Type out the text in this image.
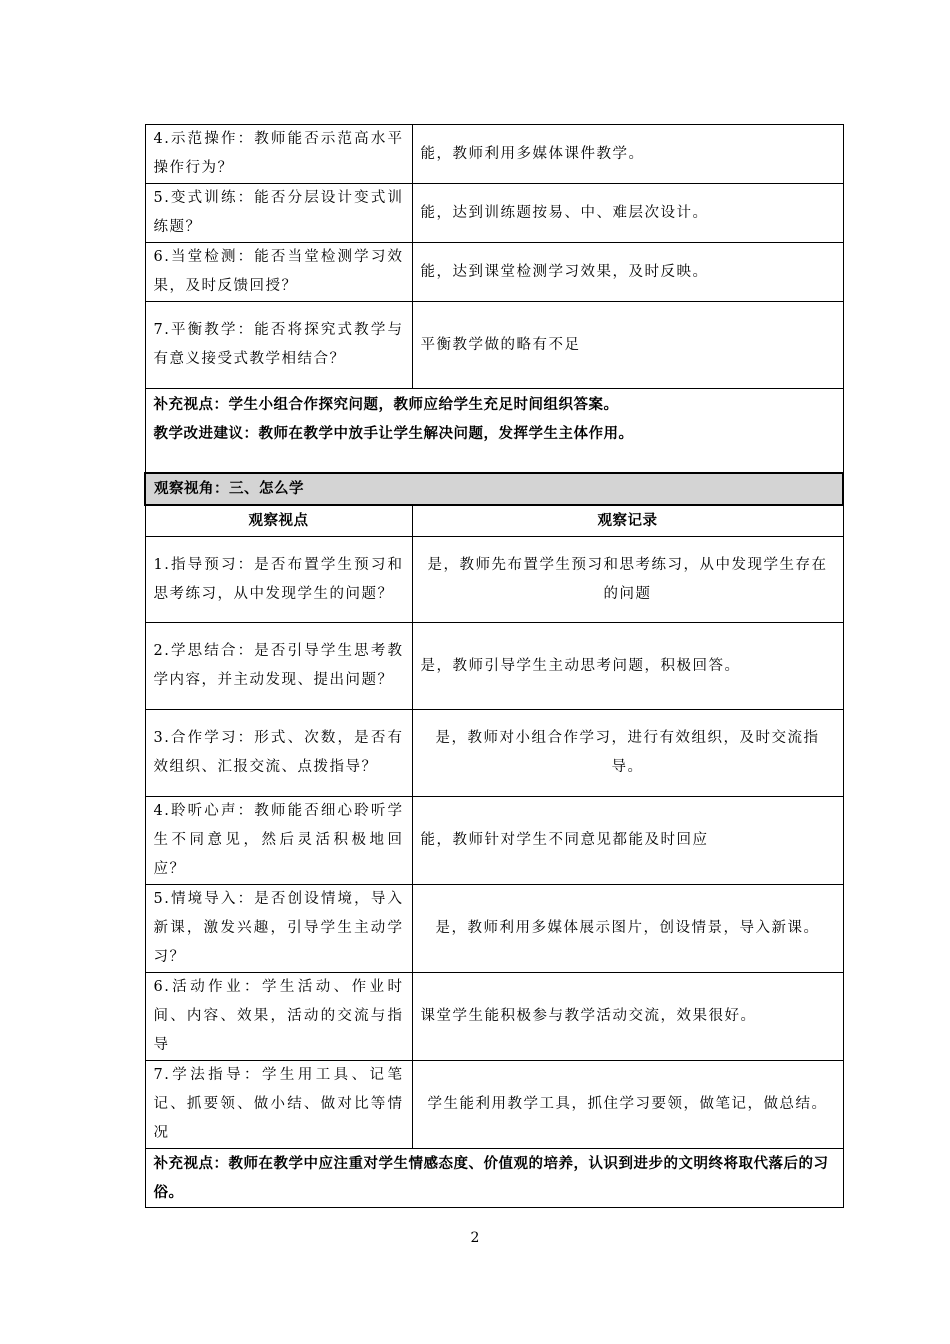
4.示范操作：教师能否示范高水平操作行为？	能，教师利用多媒体课件教学。
5.变式训练：能否分层设计变式训练题？	能，达到训练题按易、中、难层次设计。
6.当堂检测：能否当堂检测学习效果，及时反馈回授？	能，达到课堂检测学习效果，及时反映。
7.平衡教学：能否将探究式教学与有意义接受式教学相结合？	平衡教学做的略有不足

补充视点：学生小组合作探究问题，教师应给学生充足时间组织答案。
教学改进建议：教师在教学中放手让学生解决问题，发挥学生主体作用。	

观察视角：三、怎么学	
观察视点	观察记录
1.指导预习：是否布置学生预习和思考练习，从中发现学生的问题？	是，教师先布置学生预习和思考练习，从中发现学生存在的问题
2.学思结合：是否引导学生思考教学内容，并主动发现、提出问题？	是，教师引导学生主动思考问题，积极回答。
3.合作学习：形式、次数，是否有效组织、汇报交流、点拨指导？	是，教师对小组合作学习，进行有效组织，及时交流指导。
4.聆听心声：教师能否细心聆听学生不同意见，然后灵活积极地回应？	能，教师针对学生不同意见都能及时回应
5.情境导入：是否创设情境，导入新课，激发兴趣，引导学生主动学习？	是，教师利用多媒体展示图片，创设情景，导入新课。
6.活动作业：学生活动、作业时间、内容、效果，活动的交流与指导	课堂学生能积极参与教学活动交流，效果很好。
7.学法指导：学生用工具、记笔记、抓要领、做小结、做对比等情况	学生能利用教学工具，抓住学习要领，做笔记，做总结。
补充视点：教师在教学中应注重对学生情感态度、价值观的培养，认识到进步的文明终将取代落后的习俗。	
2
